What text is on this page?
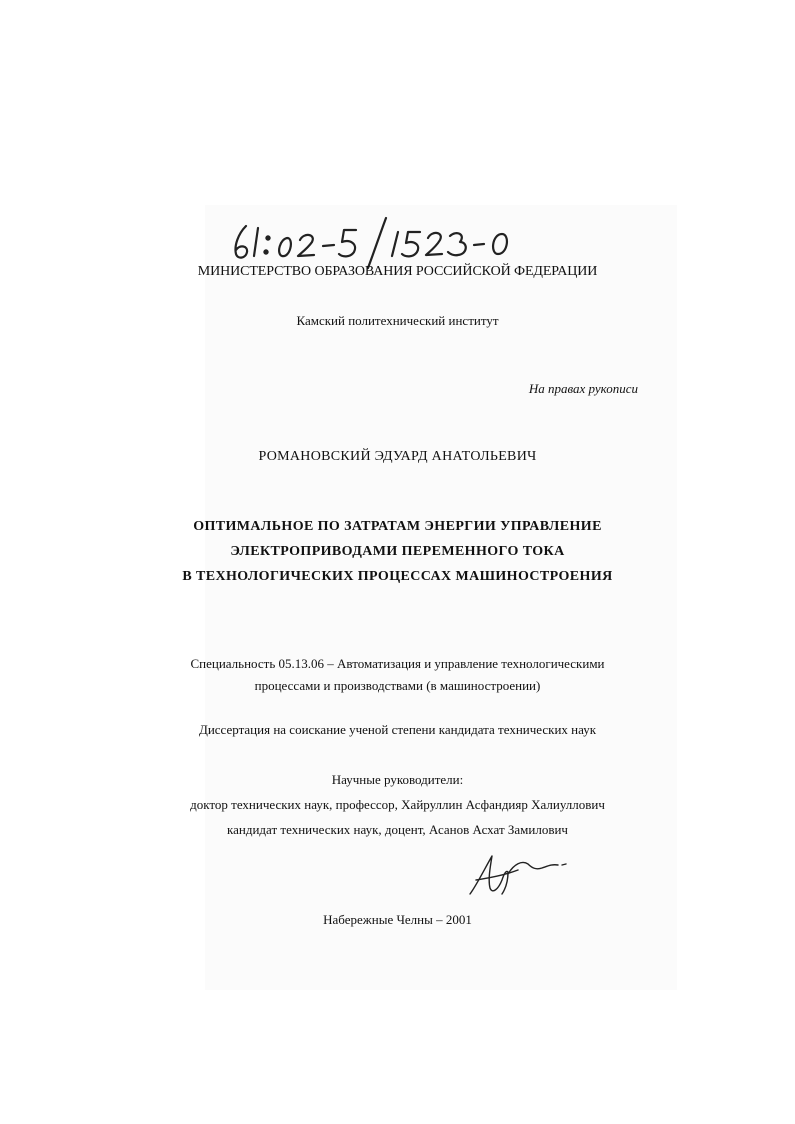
МИНИСТЕРСТВО ОБРАЗОВАНИЯ РОССИЙСКОЙ ФЕДЕРАЦИИ
Камский политехнический институт
На правах рукописи
РОМАНОВСКИЙ ЭДУАРД АНАТОЛЬЕВИЧ
ОПТИМАЛЬНОЕ ПО ЗАТРАТАМ ЭНЕРГИИ УПРАВЛЕНИЕ
ЭЛЕКТРОПРИВОДАМИ ПЕРЕМЕННОГО ТОКА
В ТЕХНОЛОГИЧЕСКИХ ПРОЦЕССАХ МАШИНОСТРОЕНИЯ
Специальность 05.13.06 – Автоматизация и управление технологическими
процессами и производствами (в машиностроении)
Диссертация на соискание ученой степени кандидата технических наук
Научные руководители:
доктор технических наук, профессор, Хайруллин Асфандияр Халиуллович
кандидат технических наук, доцент, Асанов Асхат Замилович
Набережные Челны – 2001
